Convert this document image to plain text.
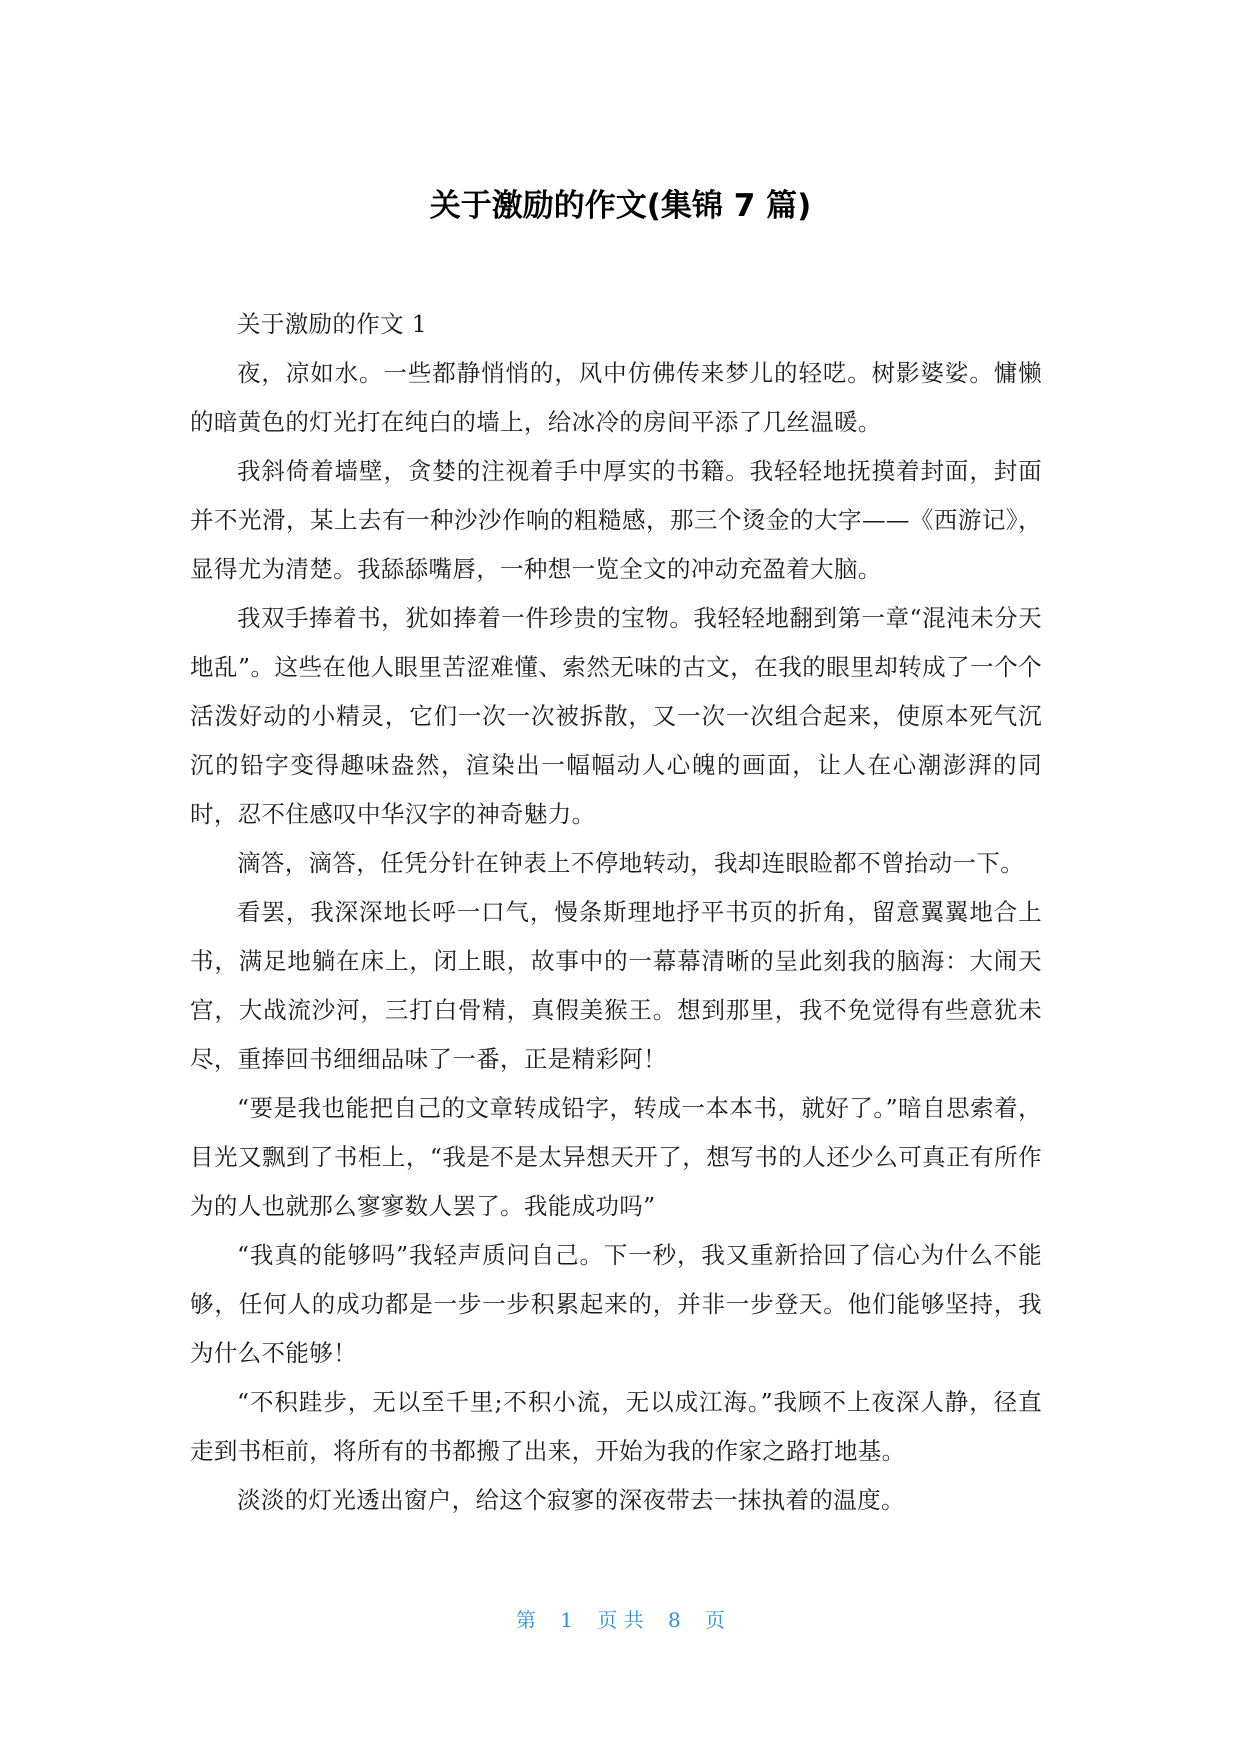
关于激励的作文(集锦 7 篇)

关于激励的作文 1

夜，凉如水。一些都静悄悄的，风中仿佛传来梦儿的轻呓。树影婆娑。慵懒的暗黄色的灯光打在纯白的墙上，给冰冷的房间平添了几丝温暖。

我斜倚着墙壁，贪婪的注视着手中厚实的书籍。我轻轻地抚摸着封面，封面并不光滑，某上去有一种沙沙作响的粗糙感，那三个烫金的大字——《西游记》，显得尤为清楚。我舔舔嘴唇，一种想一览全文的冲动充盈着大脑。

我双手捧着书，犹如捧着一件珍贵的宝物。我轻轻地翻到第一章“混沌未分天地乱”。这些在他人眼里苦涩难懂、索然无味的古文，在我的眼里却转成了一个个活泼好动的小精灵，它们一次一次被拆散，又一次一次组合起来，使原本死气沉沉的铅字变得趣味盎然，渲染出一幅幅动人心魄的画面，让人在心潮澎湃的同时，忍不住感叹中华汉字的神奇魅力。

滴答，滴答，任凭分针在钟表上不停地转动，我却连眼睑都不曾抬动一下。

看罢，我深深地长呼一口气，慢条斯理地抒平书页的折角，留意翼翼地合上书，满足地躺在床上，闭上眼，故事中的一幕幕清晰的呈此刻我的脑海：大闹天宫，大战流沙河，三打白骨精，真假美猴王。想到那里，我不免觉得有些意犹未尽，重捧回书细细品味了一番，正是精彩阿！

“要是我也能把自己的文章转成铅字，转成一本本书，就好了。”暗自思索着，目光又飘到了书柜上，“我是不是太异想天开了，想写书的人还少么可真正有所作为的人也就那么寥寥数人罢了。我能成功吗”

“我真的能够吗”我轻声质问自己。下一秒，我又重新拾回了信心为什么不能够，任何人的成功都是一步一步积累起来的，并非一步登天。他们能够坚持，我为什么不能够！

“不积跬步，无以至千里;不积小流，无以成江海。”我顾不上夜深人静，径直走到书柜前，将所有的书都搬了出来，开始为我的作家之路打地基。

淡淡的灯光透出窗户，给这个寂寥的深夜带去一抹执着的温度。

第 1 页 共 8 页
